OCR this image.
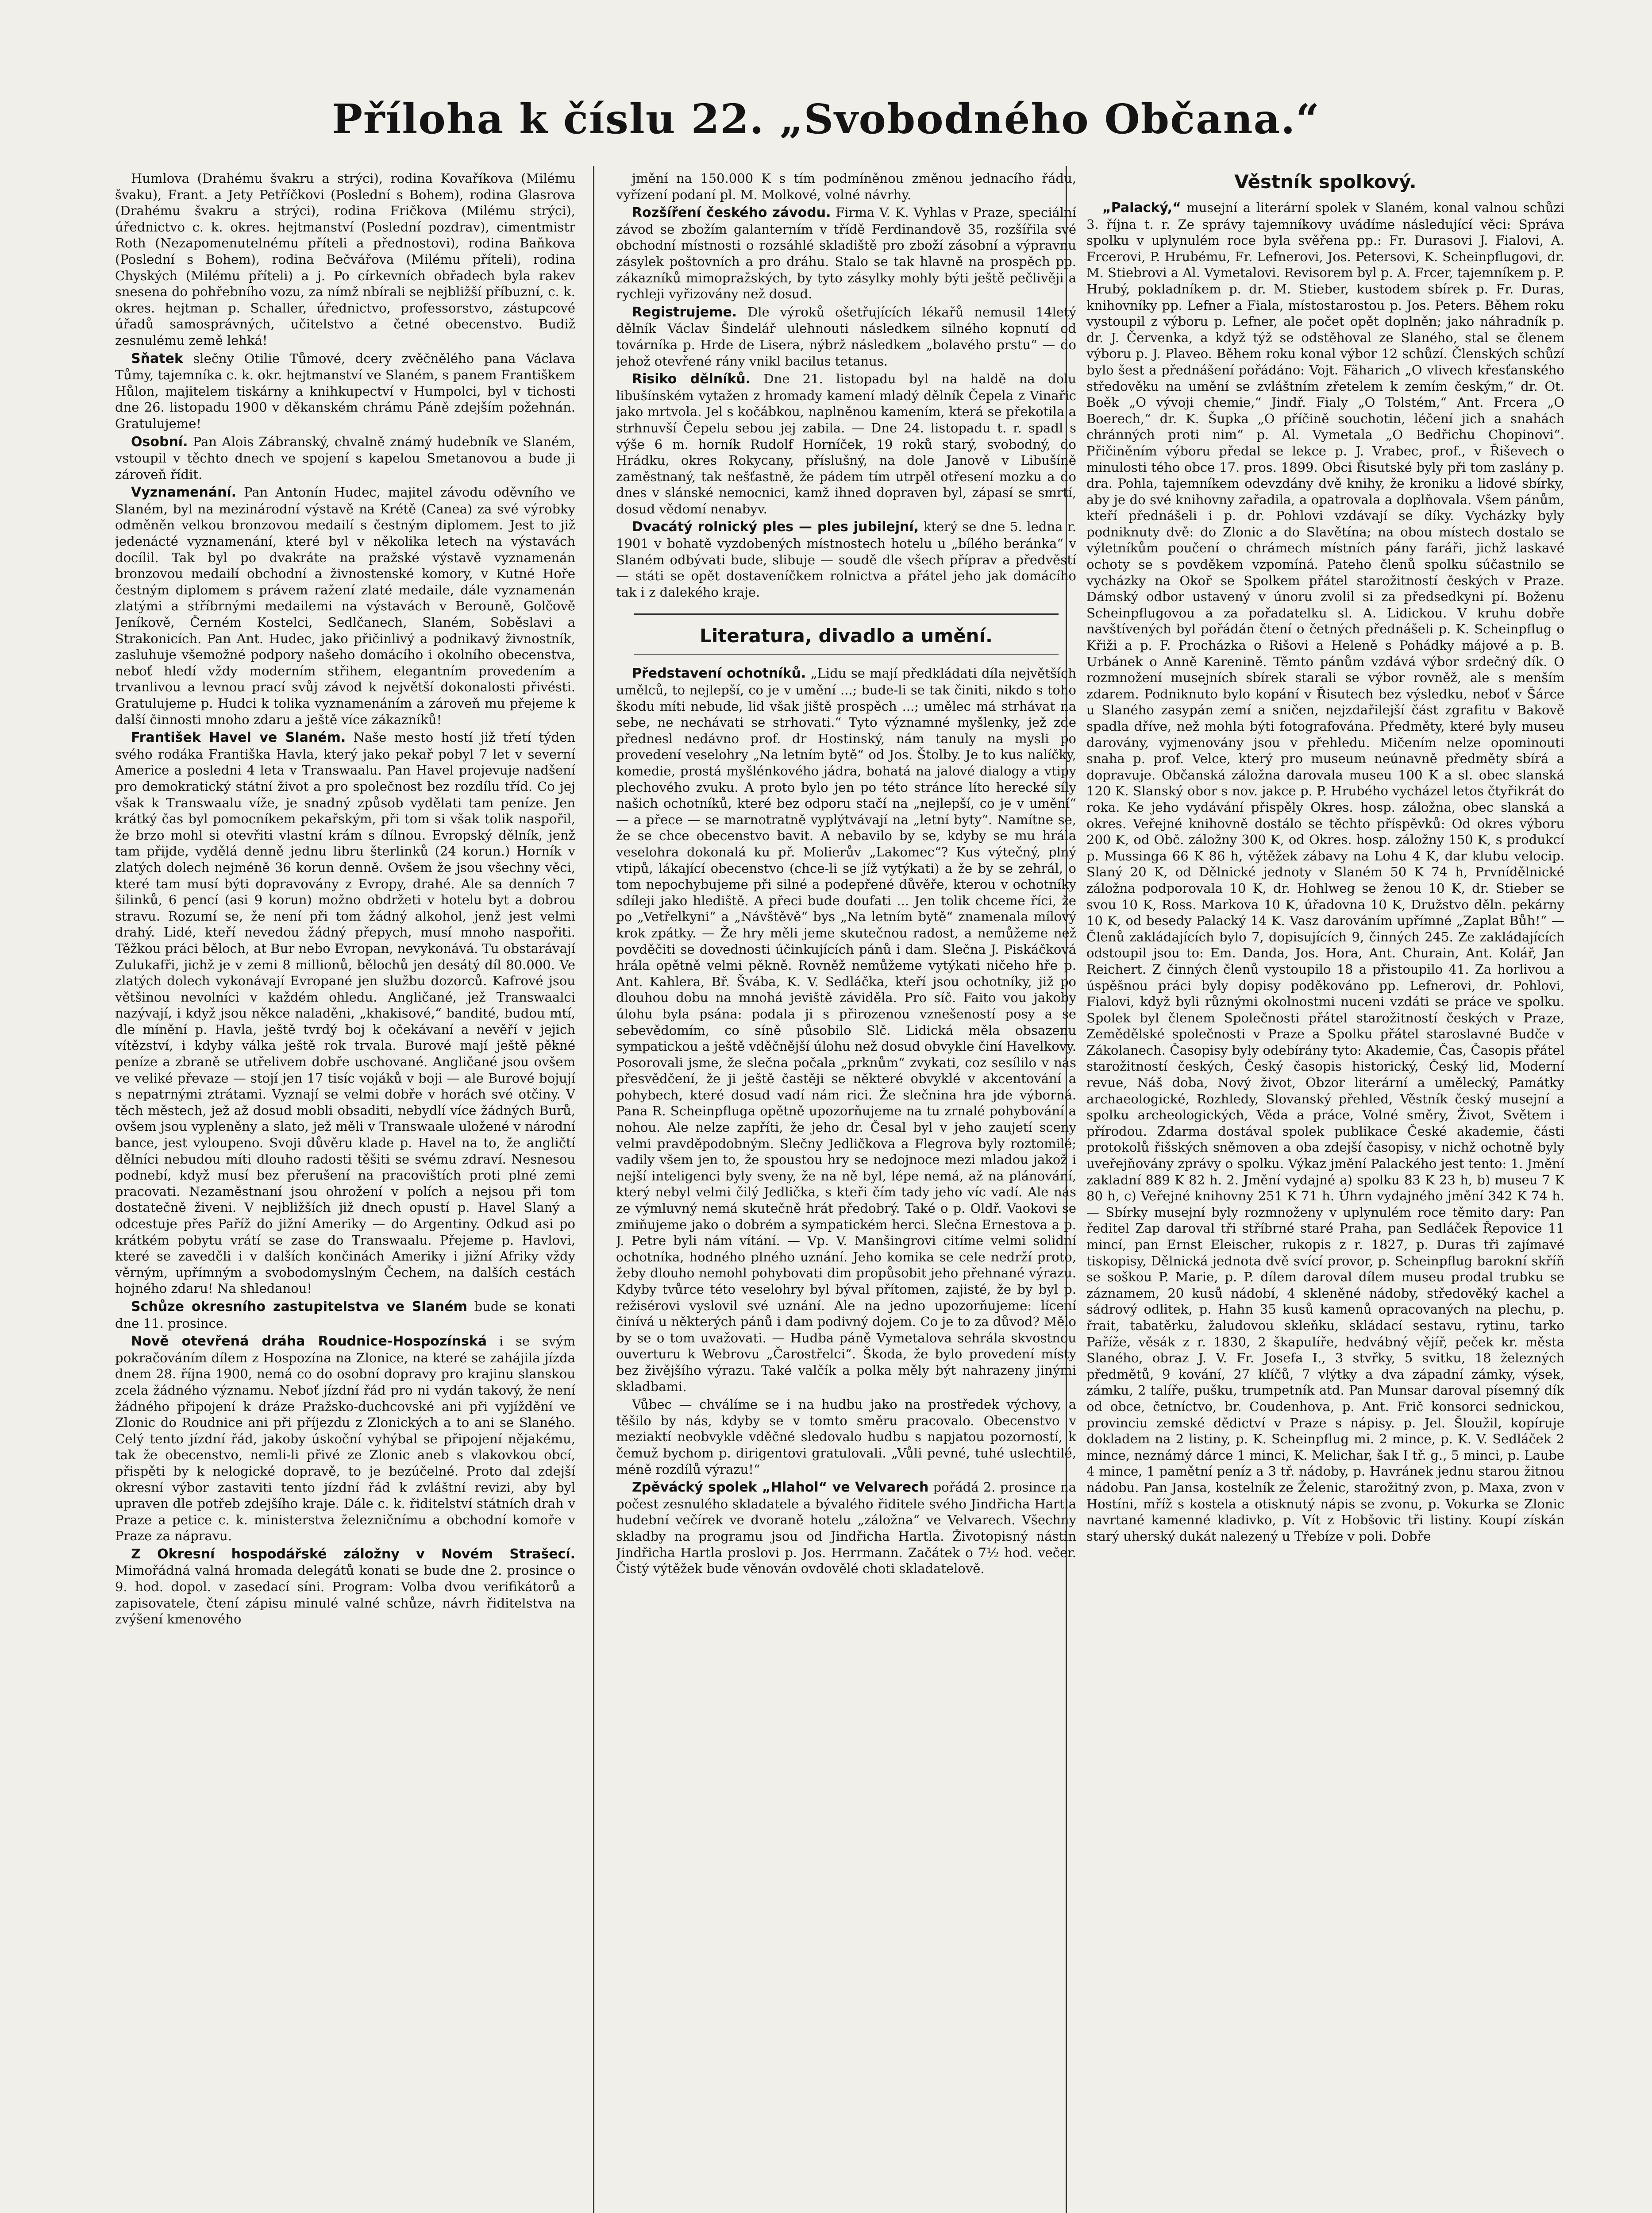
Příloha k číslu 22. „Svobodného Občana.“

Humlova (Drahému švakru a strýci), rodina Kovaříkova (Milému švaku), Frant. a Jety Petříčkovi (Poslední s Bohem), rodina Glasrova (Drahému švakru a strýci), rodina Fričkova (Milému strýci), úřednictvo c. k. okres. hejtmanství (Poslední pozdrav), cimentmistr Roth (Nezapomenutelnému příteli a přednostovi), rodina Baňkova (Poslední s Bohem), rodina Bečvářova (Milému příteli), rodina Chyských (Milému příteli) a j. Po církevních obřadech byla rakev snesena do pohřebního vozu, za nímž nbírali se nejbližší příbuzní, c. k. okres. hejtman p. Schaller, úřednictvo, professorstvo, zástupcové úřadů samosprávných, učitelstvo a četné obecenstvo. Budiž zesnulému země lehká!

Sňatek slečny Otilie Tůmové, dcery zvěčnělého pana Václava Tůmy, tajemníka c. k. okr. hejtmanství ve Slaném, s panem Františkem Hůlon, majitelem tiskárny a knihkupectví v Humpolci, byl v tichosti dne 26. listopadu 1900 v děkanském chrámu Páně zdejším požehnán. Gratulujeme!

Osobní. Pan Alois Zábranský, chvalně známý hudebník ve Slaném, vstoupil v těchto dnech ve spojení s kapelou Smetanovou a bude ji zároveň řídit.

Vyznamenání. Pan Antonín Hudec, majitel závodu oděvního ve Slaném, byl na mezinárodní výstavě na Krétě (Canea) za své výrobky odměněn velkou bronzovou medailí s čestným diplomem. Jest to již jedenácté vyznamenání, které byl v několika letech na výstavách docílil. Tak byl po dvakráte na pražské výstavě vyznamenán bronzovou medailí obchodní a živnostenské komory, v Kutné Hoře čestným diplomem s právem ražení zlaté medaile, dále vyznamenán zlatými a stříbrnými medailemi na výstavách v Berouně, Golčově Jeníkově, Černém Kostelci, Sedlčanech, Slaném, Soběslavi a Strakonicích. Pan Ant. Hudec, jako přičinlivý a podnikavý živnostník, zasluhuje všemožné podpory našeho domácího i okolního obecenstva, neboť hledí vždy moderním střihem, elegantním provedením a trvanlivou a levnou prací svůj závod k největší dokonalosti přivésti. Gratulujeme p. Hudci k tolika vyznamenáním a zároveň mu přejeme k další činnosti mnoho zdaru a ještě více zákazníků!

František Havel ve Slaném. Naše mesto hostí již třetí týden svého rodáka Františka Havla, který jako pekař pobyl 7 let v severní Americe a posledni 4 leta v Transwaalu. Pan Havel projevuje nadšení pro demokratický státní život a pro společnost bez rozdílu tříd. Co jej však k Transwaalu víže, je snadný způsob vydělati tam peníze. Jen krátký čas byl pomocníkem pekařským, při tom si však tolik naspořil, že brzo mohl si otevřiti vlastní krám s dílnou. Evropský dělník, jenž tam přijde, vydělá denně jednu libru šterlinků (24 korun.) Horník v zlatých dolech nejméně 36 korun denně. Ovšem že jsou všechny věci, které tam musí býti dopravovány z Evropy, drahé. Ale sa denních 7 šilinků, 6 pencí (asi 9 korun) možno obdržeti v hotelu byt a dobrou stravu. Rozumí se, že není při tom žádný alkohol, jenž jest velmi drahý. Lidé, kteří nevedou žádný přepych, musí mnoho naspořiti. Těžkou práci běloch, at Bur nebo Evropan, nevykonává. Tu obstarávají Zulukafři, jichž je v zemi 8 millionů, bělochů jen desátý díl 80.000. Ve zlatých dolech vykonávají Evropané jen službu dozorců. Kafrové jsou většinou nevolníci v každém ohledu. Angličané, jež Transwaalci nazývají, i když jsou někce naladěni, „khakisové,“ bandité, budou mtí, dle mínění p. Havla, ještě tvrdý boj k očekávaní a nevěří v jejich vítězství, i kdyby válka ještě rok trvala. Burové mají ještě pěkné peníze a zbraně se utřelivem dobře uschované. Angličané jsou ovšem ve veliké převaze — stojí jen 17 tisíc vojáků v boji — ale Burové bojují s nepatrnými ztrátami. Vyznají se velmi dobře v horách své otčiny. V těch městech, jež až dosud mobli obsaditi, nebydlí více žádných Burů, ovšem jsou vypleněny a slato, jež měli v Transwaale uložené v národní bance, jest vyloupeno. Svoji důvěru klade p. Havel na to, že angličtí dělníci nebudou míti dlouho radosti těšiti se svému zdraví. Nesnesou podnebí, když musí bez přerušení na pracovištích proti plné zemi pracovati. Nezaměstnaní jsou ohrožení v polích a nejsou při tom dostatečně živeni. V nejbližších již dnech opustí p. Havel Slaný a odcestuje přes Paříž do jižní Ameriky — do Argentiny. Odkud asi po krátkém pobytu vrátí se zase do Transwaalu. Přejeme p. Havlovi, které se zavedčli i v dalších končinách Ameriky i jižní Afriky vždy věrným, upřímným a svobodomyslným Čechem, na dalších cestách hojného zdaru! Na shledanou!

Schůze okresního zastupitelstva ve Slaném bude se konati dne 11. prosince.

Nově otevřená dráha Roudnice-Hospozínská i se svým pokračováním dílem z Hospozína na Zlonice, na které se zahájila jízda dnem 28. října 1900, nemá co do osobní dopravy pro krajinu slanskou zcela žádného významu. Neboť jízdní řád pro ni vydán takový, že není žádného připojení k dráze Pražsko-duchcovské ani při vyjíždění ve Zlonic do Roudnice ani při příjezdu z Zlonických a to ani se Slaného. Celý tento jízdní řád, jakoby úskoční vyhýbal se připojení nějakému, tak že obecenstvo, nemli-li přivé ze Zlonic aneb s vlakovkou obcí, přispěti by k nelogické dopravě, to je bezúčelné. Proto dal zdejší okresní výbor zastaviti tento jízdní řád k zvláštní revizi, aby byl upraven dle potřeb zdejšího kraje. Dále c. k. řiditelství státních drah v Praze a petice c. k. ministerstva železničnímu a obchodní komoře v Praze za nápravu.

Z Okresní hospodářské záložny v Novém Strašecí. Mimořádná valná hromada delegátů konati se bude dne 2. prosince o 9. hod. dopol. v zasedací síni. Program: Volba dvou verifikátorů a zapisovatele, čtení zápisu minulé valné schůze, návrh řiditelstva na zvýšení kmenového

jmění na 150.000 K s tím podmíněnou změnou jednacího řádu, vyřízení podaní pl. M. Molkové, volné návrhy.

Rozšíření českého závodu. Firma V. K. Vyhlas v Praze, speciální závod se zbožím galanterním v třídě Ferdinandově 35, rozšířila své obchodní místnosti o rozsáhlé skladiště pro zboží zásobní a výpravnu zásylek poštovních a pro dráhu. Stalo se tak hlavně na prospěch pp. zákazníků mimopražských, by tyto zásylky mohly býti ještě pečlivěji a rychleji vyřizovány než dosud.

Registrujeme. Dle výroků ošetřujících lékařů nemusil 14letý dělník Václav Šindelář ulehnouti následkem silného kopnutí od továrníka p. Hrde de Lisera, nýbrž následkem „bolavého prstu“ — do jehož otevřené rány vnikl bacilus tetanus.

Risiko dělníků. Dne 21. listopadu byl na haldě na dolu libušínském vytažen z hromady kamení mladý dělník Čepela z Vinařic jako mrtvola. Jel s kočábkou, naplněnou kamením, která se překotila a strhnuvší Čepelu sebou jej zabila. — Dne 24. listopadu t. r. spadl s výše 6 m. horník Rudolf Horníček, 19 roků starý, svobodný, do Hrádku, okres Rokycany, příslušný, na dole Janově v Libušíně zaměstnaný, tak nešťastně, že pádem tím utrpěl otřesení mozku a do dnes v slánské nemocnici, kamž ihned dopraven byl, zápasí se smrtí, dosud vědomí nenabyv.

Dvacátý rolnický ples — ples jubilejní, který se dne 5. ledna r. 1901 v bohatě vyzdobených místnostech hotelu u „bílého beránka“ v Slaném odbývati bude, slibuje — soudě dle všech příprav a předvěstí — státi se opět dostaveníčkem rolnictva a přátel jeho jak domácího tak i z dalekého kraje.

Literatura, divadlo a umění.

Představení ochotníků. „Lidu se mají předkládati díla největších umělců, to nejlepší, co je v umění ...; bude-li se tak činiti, nikdo s toho škodu míti nebude, lid však jiště prospěch ...; umělec má strhávat na sebe, ne nechávati se strhovati.“ Tyto významné myšlenky, jež zde přednesl nedávno prof. dr Hostinský, nám tanuly na mysli po provedení veselohry „Na letním bytě“ od Jos. Štolby. Je to kus nalíčky, komedie, prostá myšlénkového jádra, bohatá na jalové dialogy a vtipy plechového zvuku. A proto bylo jen po této stránce líto herecké síly našich ochotníků, které bez odporu stačí na „nejlepší, co je v umění“ — a přece — se marnotratně vyplýtvávají na „letní byty“. Namítne se, že se chce obecenstvo bavit. A nebavilo by se, kdyby se mu hrála veselohra dokonalá ku př. Molierův „Lakomec“? Kus výtečný, plný vtipů, lákající obecenstvo (chce-li se jíž vytýkati) a že by se zehrál, o tom nepochybujeme při silné a podepřené důvěře, kterou v ochotníky sdíleji jako hlediště. A přeci bude doufati ... Jen tolik chceme říci, že po „Vetřelkyni“ a „Návštěvě“ bys „Na letním bytě“ znamenala mílový krok zpátky. — Že hry měli jeme skutečnou radost, a nemůžeme než povděčiti se dovednosti účinkujících pánů i dam. Slečna J. Piskáčková hrála opětně velmi pěkně. Rovněž nemůžeme vytýkati ničeho hře p. Ant. Kahlera, Bř. Švába, K. V. Sedláčka, kteří jsou ochotníky, již po dlouhou dobu na mnohá jeviště záviděla. Pro síč. Faito vou jakoby úlohu byla psána: podala ji s přirozenou vznešeností posy a se sebevědomím, co síně působilo Slč. Lidická měla obsazenu sympatickou a ještě vděčnější úlohu než dosud obvykle činí Havelkovy. Posorovali jsme, že slečna počala „prknům“ zvykati, coz sesílilo v nás přesvědčení, že ji ještě častěji se některé obvyklé v akcentování a pohybech, které dosud vadí nám rici. Že slečnina hra jde výborná. Pana R. Scheinpfluga opětně upozorňujeme na tu zrnalé pohybování a nohou. Ale nelze zapříti, že jeho dr. Česal byl v jeho zaujetí sceny velmi pravděpodobným. Slečny Jedličkova a Flegrova byly roztomilé; vadily všem jen to, že spoustou hry se nedojnoce mezi mladou jakož i nejší inteligenci byly sveny, že na ně byl, lépe nemá, až na plánování, který nebyl velmi čilý Jedlička, s kteři čím tady jeho víc vadí. Ale nás ze výmluvný nemá skutečně hrát předobrý. Také o p. Oldř. Vaokovi se zmiňujeme jako o dobrém a sympatickém herci. Slečna Ernestova a p. J. Petre byli nám vítání. — Vp. V. Manšingrovi citíme velmi solidní ochotníka, hodného plného uznání. Jeho komika se cele nedrží proto, žeby dlouho nemohl pohybovati dim propůsobit jeho přehnané výrazu. Kdyby tvůrce této veselohry byl býval přítomen, zajisté, že by byl p. režisérovi vyslovil své uznání. Ale na jedno upozorňujeme: lícení činívá u některých pánů i dam podivný dojem. Co je to za důvod? Mělo by se o tom uvažovati. — Hudba páně Vymetalova sehrála skvostnou ouverturu k Webrovu „Čarostřelci“. Škoda, že bylo provedení místy bez živějšího výrazu. Také valčík a polka měly být nahrazeny jinými skladbami.

Vůbec — chválíme se i na hudbu jako na prostředek výchovy, a těšilo by nás, kdyby se v tomto směru pracovalo. Obecenstvo v meziaktí neobvykle vděčné sledovalo hudbu s napjatou pozorností, k čemuž bychom p. dirigentovi gratulovali. „Vůli pevné, tuhé uslechtilé, méně rozdílů výrazu!“

Zpěvácký spolek „Hlahol“ ve Velvarech pořádá 2. prosince na počest zesnulého skladatele a bývalého řiditele svého Jindřicha Hartla hudební večírek ve dvoraně hotelu „záložna“ ve Velvarech. Všechny skladby na programu jsou od Jindřicha Hartla. Životopisný nástin Jindřicha Hartla proslovi p. Jos. Herrmann. Začátek o 7½ hod. večer. Čistý výtěžek bude věnován ovdovělé choti skladatelově.

Věstník spolkový.

„Palacký,“ musejní a literární spolek v Slaném, konal valnou schůzi 3. října t. r. Ze správy tajemníkovy uvádíme následující věci: Správa spolku v uplynulém roce byla svěřena pp.: Fr. Durasovi J. Fialovi, A. Frcerovi, P. Hrubému, Fr. Lefnerovi, Jos. Petersovi, K. Scheinpflugovi, dr. M. Stiebrovi a Al. Vymetalovi. Revisorem byl p. A. Frcer, tajemníkem p. P. Hrubý, pokladníkem p. dr. M. Stieber, kustodem sbírek p. Fr. Duras, knihovníky pp. Lefner a Fiala, místostarostou p. Jos. Peters. Během roku vystoupil z výboru p. Lefner, ale počet opět doplněn; jako náhradník p. dr. J. Červenka, a když týž se odstěhoval ze Slaného, stal se členem výboru p. J. Plaveo. Během roku konal výbor 12 schůzí. Členských schůzí bylo šest a přednášení pořádáno: Vojt. Fäharich „O vlivech křesťanského středověku na umění se zvláštním zřetelem k zemím českým,“ dr. Ot. Boěk „O vývoji chemie,“ Jindř. Fialy „O Tolstém,“ Ant. Frcera „O Boerech,“ dr. K. Šupka „O příčině souchotin, léčení jich a snahách chránných proti nim“ p. Al. Vymetala „O Bedřichu Chopinovi“. Přičiněním výboru předal se lekce p. J. Vrabec, prof., v Řiševech o minulosti tého obce 17. pros. 1899. Obci Řisutské byly při tom zaslány p. dra. Pohla, tajemníkem odevzdány dvě knihy, že kroniku a lidové sbírky, aby je do své knihovny zařadila, a opatrovala a doplňovala. Všem pánům, kteří přednášeli i p. dr. Pohlovi vzdávají se díky. Vycházky byly podniknuty dvě: do Zlonic a do Slavětína; na obou místech dostalo se výletníkům poučení o chrámech místních pány faráři, jichž laskavé ochoty se s povděkem vzpomíná. Pateho členů spolku súčastnilo se vycházky na Okoř se Spolkem přátel starožitností českých v Praze. Dámský odbor ustavený v únoru zvolil si za předsedkyni pí. Boženu Scheinpflugovou a za pořadatelku sl. A. Lidickou. V kruhu dobře navštívených byl pořádán čtení o četných přednášeli p. K. Scheinpflug o Křiži a p. F. Procházka o Rišovi a Heleně s Pohádky májové a p. B. Urbánek o Anně Karenině. Těmto pánům vzdává výbor srdečný dík. O rozmnožení musejních sbírek starali se výbor rovněž, ale s menším zdarem. Podniknuto bylo kopání v Řisutech bez výsledku, neboť v Šárce u Slaného zasypán zemí a sničen, nejzdařilejší část zgrafitu v Bakově spadla dříve, než mohla býti fotografována. Předměty, které byly museu darovány, vyjmenovány jsou v přehledu. Mičením nelze opominouti snaha p. prof. Velce, který pro museum neúnavně předměty sbírá a dopravuje. Občanská záložna darovala museu 100 K a sl. obec slanská 120 K. Slanský obor s nov. jakce p. P. Hrubého vycházel letos čtyřikrát do roka. Ke jeho vydávání přispěly Okres. hosp. záložna, obec slanská a okres. Veřejné knihovně dostálo se těchto příspěvků: Od okres výboru 200 K, od Obč. záložny 300 K, od Okres. hosp. záložny 150 K, s produkcí p. Mussinga 66 K 86 h, výtěžek zábavy na Lohu 4 K, dar klubu velocip. Slaný 20 K, od Dělnické jednoty v Slaném 50 K 74 h, Prvnídělnické záložna podporovala 10 K, dr. Hohlweg se ženou 10 K, dr. Stieber se svou 10 K, Ross. Markova 10 K, úřadovna 10 K, Družstvo děln. pekárny 10 K, od besedy Palacký 14 K. Vasz darováním upřímné „Zaplat Bůh!“ — Členů zakládajících bylo 7, dopisujících 9, činných 245. Ze zakládajících odstoupil jsou to: Em. Danda, Jos. Hora, Ant. Churain, Ant. Kolář, Jan Reichert. Z činných členů vystoupilo 18 a přistoupilo 41. Za horlivou a úspěšnou práci byly dopisy poděkováno pp. Lefnerovi, dr. Pohlovi, Fialovi, když byli různými okolnostmi nuceni vzdáti se práce ve spolku. Spolek byl členem Společnosti přátel starožitností českých v Praze, Zemědělské společnosti v Praze a Spolku přátel staroslavné Budče v Zákolanech. Časopisy byly odebírány tyto: Akademie, Čas, Časopis přátel starožitností českých, Český časopis historický, Český lid, Moderní revue, Náš doba, Nový život, Obzor literární a umělecký, Památky archaeologické, Rozhledy, Slovanský přehled, Věstník český musejní a spolku archeologických, Věda a práce, Volné směry, Život, Světem i přírodou. Zdarma dostával spolek publikace České akademie, části protokolů řišských sněmoven a oba zdejší časopisy, v nichž ochotně byly uveřejňovány zprávy o spolku. Výkaz jmění Palackého jest tento: 1. Jmění zakladní 889 K 82 h. 2. Jmění vydajné a) spolku 83 K 23 h, b) museu 7 K 80 h, c) Veřejné knihovny 251 K 71 h. Úhrn vydajného jmění 342 K 74 h. — Sbírky musejní byly rozmnoženy v uplynulém roce těmito dary: Pan ředitel Zap daroval tři stříbrné staré Praha, pan Sedláček Řepovice 11 mincí, pan Ernst Eleischer, rukopis z r. 1827, p. Duras tři zajímavé tiskopisy, Dělnická jednota dvě svící provor, p. Scheinpflug barokní skříň se soškou P. Marie, p. P. dílem daroval dílem museu prodal trubku se záznamem, 20 kusů nádobí, 4 skleněné nádoby, středověký kachel a sádrový odlitek, p. Hahn 35 kusů kamenů opracovaných na plechu, p. řrait, tabatěrku, žaludovou skleňku, skládací sestavu, rytinu, tarko Paříže, věsák z r. 1830, 2 škapulíře, hedvábný vějíř, peček kr. města Slaného, obraz J. V. Fr. Josefa I., 3 stvřky, 5 svitku, 18 železných předmětů, 9 kování, 27 klíčů, 7 vlýtky a dva západní zámky, výsek, zámku, 2 talíře, pušku, trumpetník atd. Pan Munsar daroval písemný dík od obce, četníctvo, br. Coudenhova, p. Ant. Frič konsorci sednickou, provinciu zemské dědictví v Praze s nápisy. p. Jel. Šloužil, kopíruje dokladem na 2 listiny, p. K. Scheinpflug mi. 2 mince, p. K. V. Sedláček 2 mince, neznámý dárce 1 minci, K. Melichar, šak I tř. g., 5 minci, p. Laube 4 mince, 1 pamětní peníz a 3 tř. nádoby, p. Havránek jednu starou žitnou nádobu. Pan Jansa, kostelník ze Želenic, starožitný zvon, p. Maxa, zvon v Hostíni, mříž s kostela a otisknutý nápis se zvonu, p. Vokurka se Zlonic navrtané kamenné kladivko, p. Vít z Hobšovic tři listiny. Koupí získán starý uherský dukát nalezený u Třebíze v poli. Dobře
